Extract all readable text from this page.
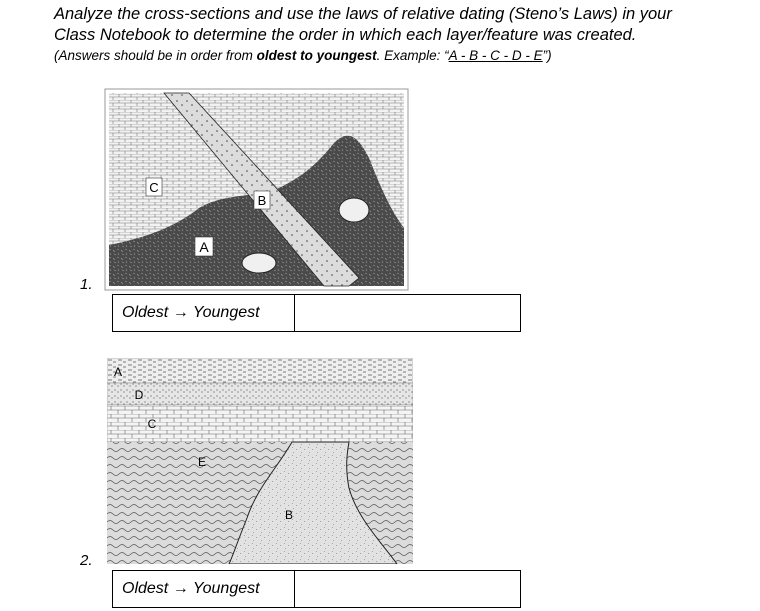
Analyze the cross-sections and use the laws of relative dating (Steno’s Laws) in your
Class Notebook to determine the order in which each layer/feature was created.
(Answers should be in order from oldest to youngest. Example: “A - B - C - D - E”)
C
B
A
1.
Oldest → Youngest
A
D
C
E
B
2.
Oldest → Youngest
